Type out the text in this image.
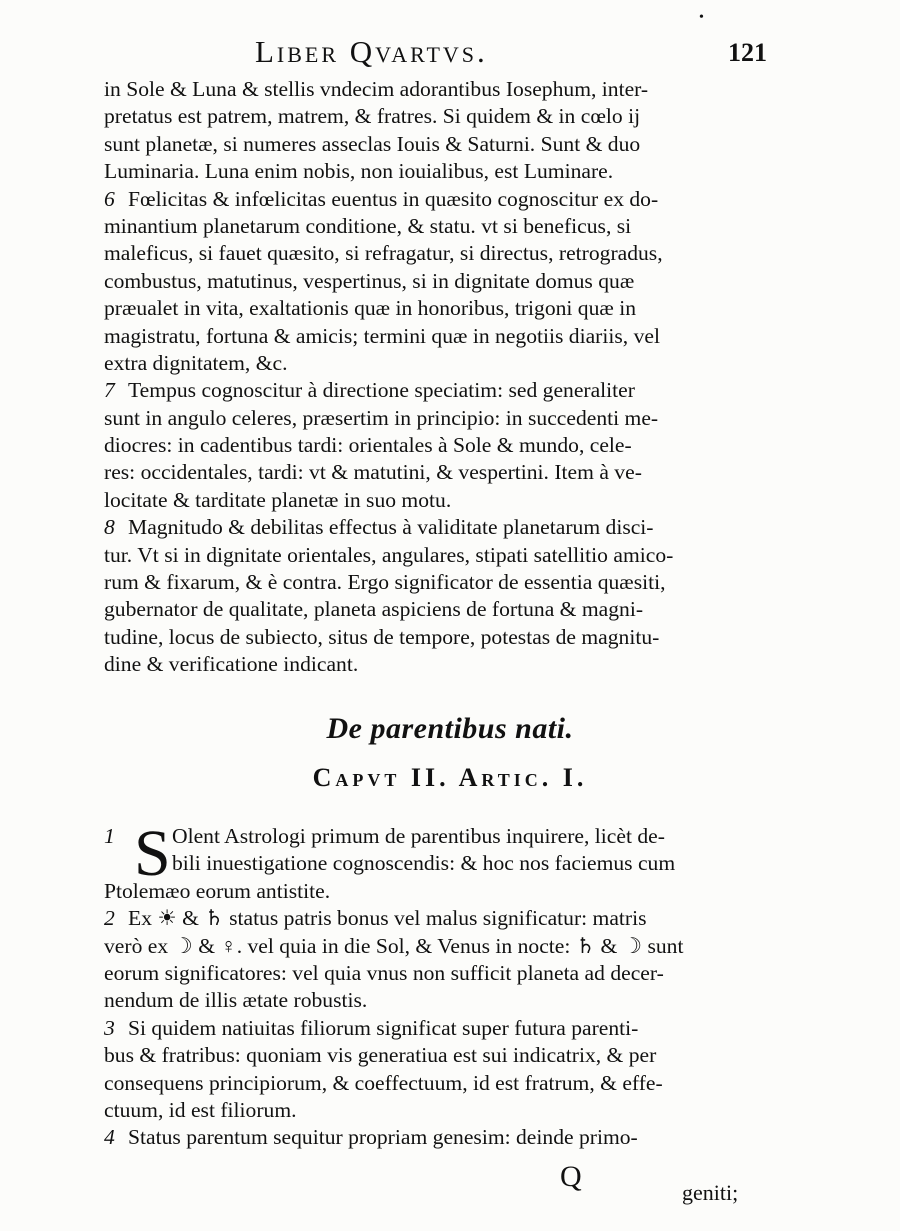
•
Liber Qvartvs.	121
in Sole & Luna & stellis vndecim adorantibus Iosephum, inter-
pretatus est patrem, matrem, & fratres. Si quidem & in cœlo ij
sunt planetæ, si numeres asseclas Iouis & Saturni. Sunt & duo
Luminaria. Luna enim nobis, non iouialibus, est Luminare.
6 Fœlicitas & infœlicitas euentus in quæsito cognoscitur ex do-
minantium planetarum conditione, & statu. vt si beneficus, si
maleficus, si fauet quæsito, si refragatur, si directus, retrogradus,
combustus, matutinus, vespertinus, si in dignitate domus quæ
præualet in vita, exaltationis quæ in honoribus, trigoni quæ in
magistratu, fortuna & amicis; termini quæ in negotiis diariis, vel
extra dignitatem, &c.
7 Tempus cognoscitur à directione speciatim: sed generaliter
sunt in angulo celeres, præsertim in principio: in succedenti me-
diocres: in cadentibus tardi: orientales à Sole & mundo, cele-
res: occidentales, tardi: vt & matutini, & vespertini. Item à ve-
locitate & tarditate planetæ in suo motu.
8 Magnitudo & debilitas effectus à validitate planetarum disci-
tur. Vt si in dignitate orientales, angulares, stipati satellitio amico-
rum & fixarum, & è contra. Ergo significator de essentia quæsiti,
gubernator de qualitate, planeta aspiciens de fortuna & magni-
tudine, locus de subiecto, situs de tempore, potestas de magnitu-
dine & verificatione indicant.
De parentibus nati.
Capvt II. Artic. I.
1 S Olent Astrologi primum de parentibus inquirere, licèt de-
bili inuestigatione cognoscendis: & hoc nos faciemus cum
Ptolemæo eorum antistite.
2 Ex ☀ & ♄ status patris bonus vel malus significatur: matris
verò ex ☽ & ♀. vel quia in die Sol, & Venus in nocte: ♄ & ☽ sunt
eorum significatores: vel quia vnus non sufficit planeta ad decer-
nendum de illis ætate robustis.
3 Si quidem natiuitas filiorum significat super futura parenti-
bus & fratribus: quoniam vis generatiua est sui indicatrix, & per
consequens principiorum, & coeffectuum, id est fratrum, & effe-
ctuum, id est filiorum.
4 Status parentum sequitur propriam genesim: deinde primo-
Q	geniti;
